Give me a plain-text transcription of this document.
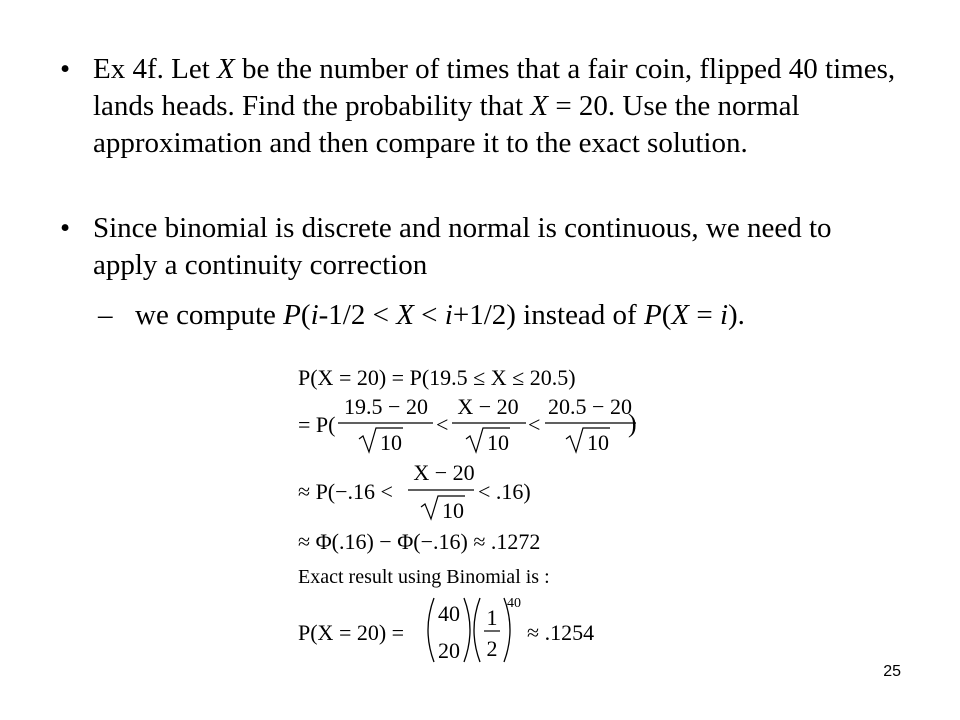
• Ex 4f. Let X be the number of times that a fair coin, flipped 40 times, lands heads. Find the probability that X = 20. Use the normal approximation and then compare it to the exact solution.
• Since binomial is discrete and normal is continuous, we need to apply a continuity correction
– we compute P(i-1/2 < X < i+1/2) instead of P(X = i).
P(X = 20) = P(19.5 ≤ X ≤ 20.5)
= P(
19.5 − 20
10
<
X − 20
10
<
20.5 − 20
10
)
≈ P(−.16 <
X − 20
10
< .16)
≈ Φ(.16) − Φ(−.16) ≈ .1272
Exact result using Binomial is :
P(X = 20) =
40
20
1
2
40
≈ .1254
25
